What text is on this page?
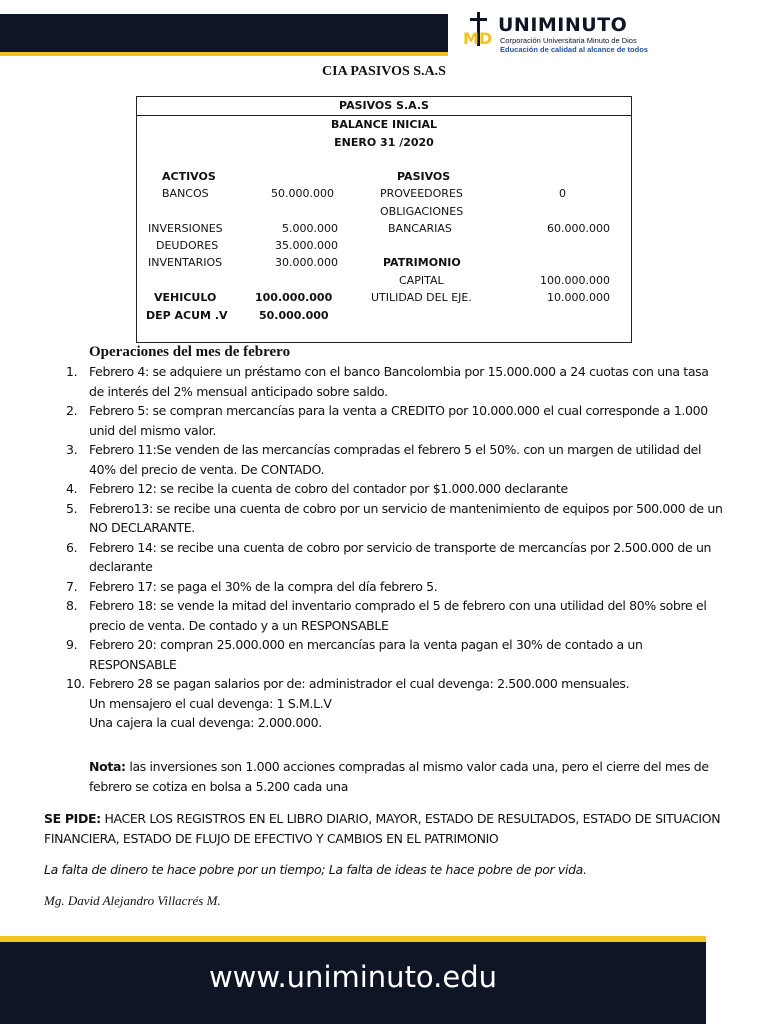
M D
UNIMINUTO
Corporación Universitaria Minuto de Dios
Educación de calidad al alcance de todos
CIA PASIVOS S.A.S
PASIVOS S.A.S
BALANCE INICIAL
ENERO 31 /2020
ACTIVOS	PASIVOS
BANCOS	50.000.000	PROVEEDORES	0
OBLIGACIONES
INVERSIONES	5.000.000	BANCARIAS	60.000.000
DEUDORES	35.000.000
INVENTARIOS	30.000.000	PATRIMONIO
CAPITAL	100.000.000
VEHICULO	100.000.000	UTILIDAD DEL EJE.	10.000.000
DEP ACUM .V	50.000.000
Operaciones del mes de febrero
1. Febrero 4: se adquiere un préstamo con el banco Bancolombia por 15.000.000 a 24 cuotas con una tasa de interés del 2% mensual anticipado sobre saldo.
2. Febrero 5: se compran mercancías para la venta a CREDITO por 10.000.000 el cual corresponde a 1.000 unid del mismo valor.
3. Febrero 11:Se venden de las mercancías compradas el febrero 5 el 50%. con un margen de utilidad del 40% del precio de venta. De CONTADO.
4. Febrero 12: se recibe la cuenta de cobro del contador por $1.000.000 declarante
5. Febrero13: se recibe una cuenta de cobro por un servicio de mantenimiento de equipos por 500.000 de un NO DECLARANTE.
6. Febrero 14: se recibe una cuenta de cobro por servicio de transporte de mercancías por 2.500.000 de un declarante
7. Febrero 17: se paga el 30% de la compra del día febrero 5.
8. Febrero 18: se vende la mitad del inventario comprado el 5 de febrero con una utilidad del 80% sobre el precio de venta. De contado y a un RESPONSABLE
9. Febrero 20: compran 25.000.000 en mercancías para la venta pagan el 30% de contado a un RESPONSABLE
10. Febrero 28 se pagan salarios por de: administrador el cual devenga: 2.500.000 mensuales.
Un mensajero el cual devenga: 1 S.M.L.V
Una cajera la cual devenga: 2.000.000.
Nota: las inversiones son 1.000 acciones compradas al mismo valor cada una, pero el cierre del mes de febrero se cotiza en bolsa a 5.200 cada una
SE PIDE: HACER LOS REGISTROS EN EL LIBRO DIARIO, MAYOR, ESTADO DE RESULTADOS, ESTADO DE SITUACION FINANCIERA, ESTADO DE FLUJO DE EFECTIVO Y CAMBIOS EN EL PATRIMONIO
La falta de dinero te hace pobre por un tiempo; La falta de ideas te hace pobre de por vida.
Mg. David Alejandro Villacrés M.
www.uniminuto.edu
